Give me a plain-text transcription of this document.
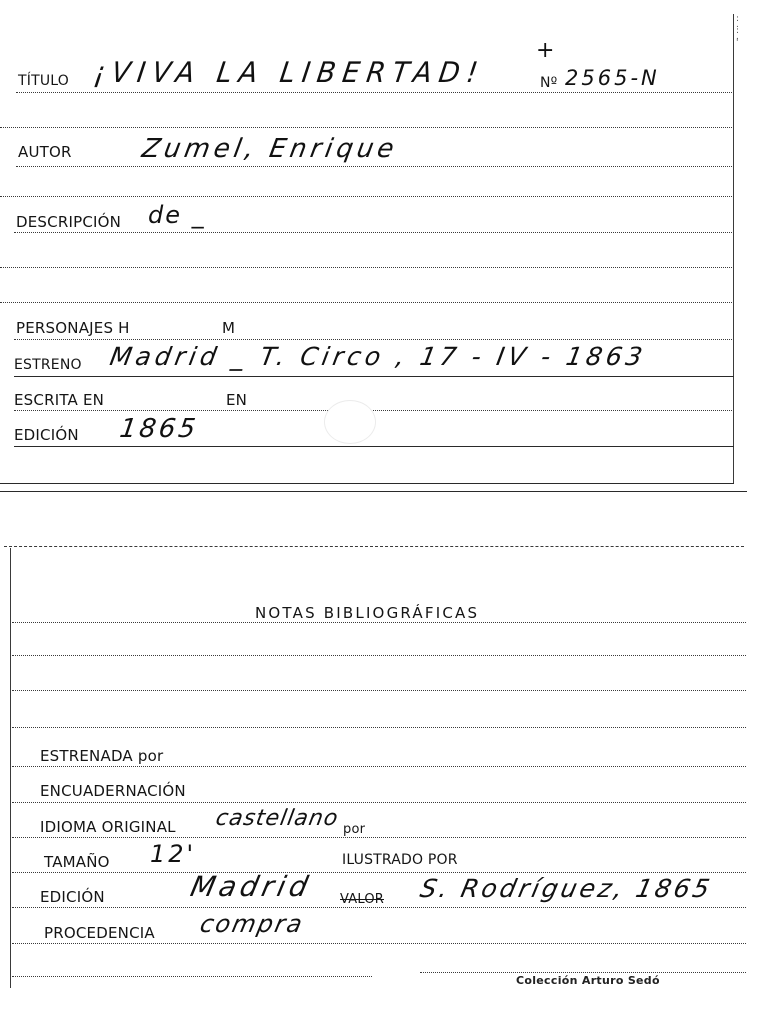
:
.
:
.
'
TÍTULO ¡VIVA LA LIBERTAD!
+
Nº 2565-N
AUTOR	Zumel, Enrique
DESCRIPCIÓN de _
PERSONAJES H	M
ESTRENO Madrid _ T. Circo , 17 - IV - 1863
ESCRITA EN	EN
EDICIÓN 1865
NOTAS BIBLIOGRÁFICAS
ESTRENADA por
ENCUADERNACIÓN
IDIOMA ORIGINAL castellano por
TAMAÑO 12'	ILUSTRADO POR
EDICIÓN	Madrid VALOR S. Rodríguez, 1865
PROCEDENCIA compra
Colección Arturo Sedó
